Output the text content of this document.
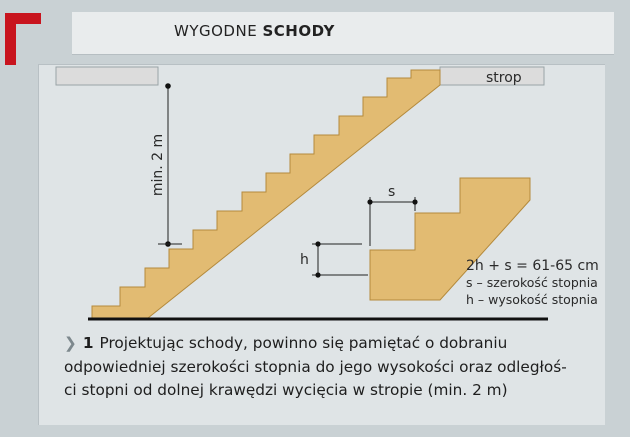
WYGODNE SCHODY
min. 2 m
strop
s
h	2h + s = 61-65 cm
s – szerokość stopnia
h – wysokość stopnia
❯ 1 Projektując schody, powinno się pamiętać o dobraniu
odpowiedniej szerokości stopnia do jego wysokości oraz odległoś-
ci stopni od dolnej krawędzi wycięcia w stropie (min. 2 m)
